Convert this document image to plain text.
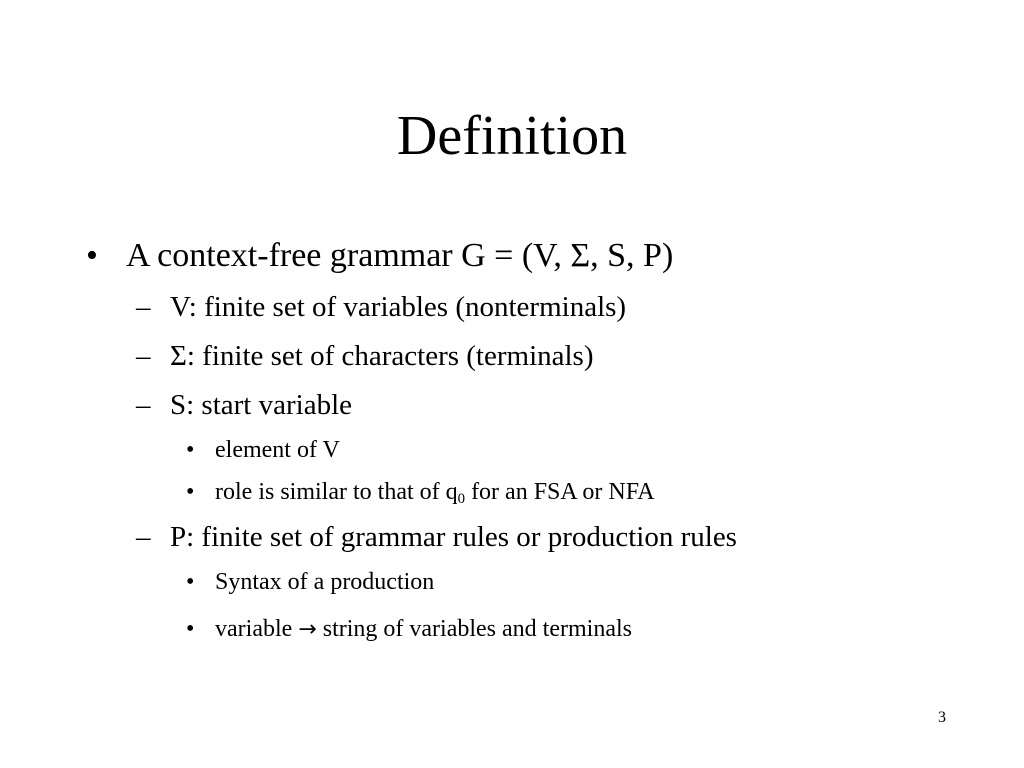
Definition
• A context-free grammar G = (V, Σ, S, P)
– V: finite set of variables (nonterminals)
– Σ: finite set of characters (terminals)
– S: start variable
• element of V
• role is similar to that of $q_0$ for an FSA or NFA
– P: finite set of grammar rules or production rules
• Syntax of a production
• variable → string of variables and terminals
3
